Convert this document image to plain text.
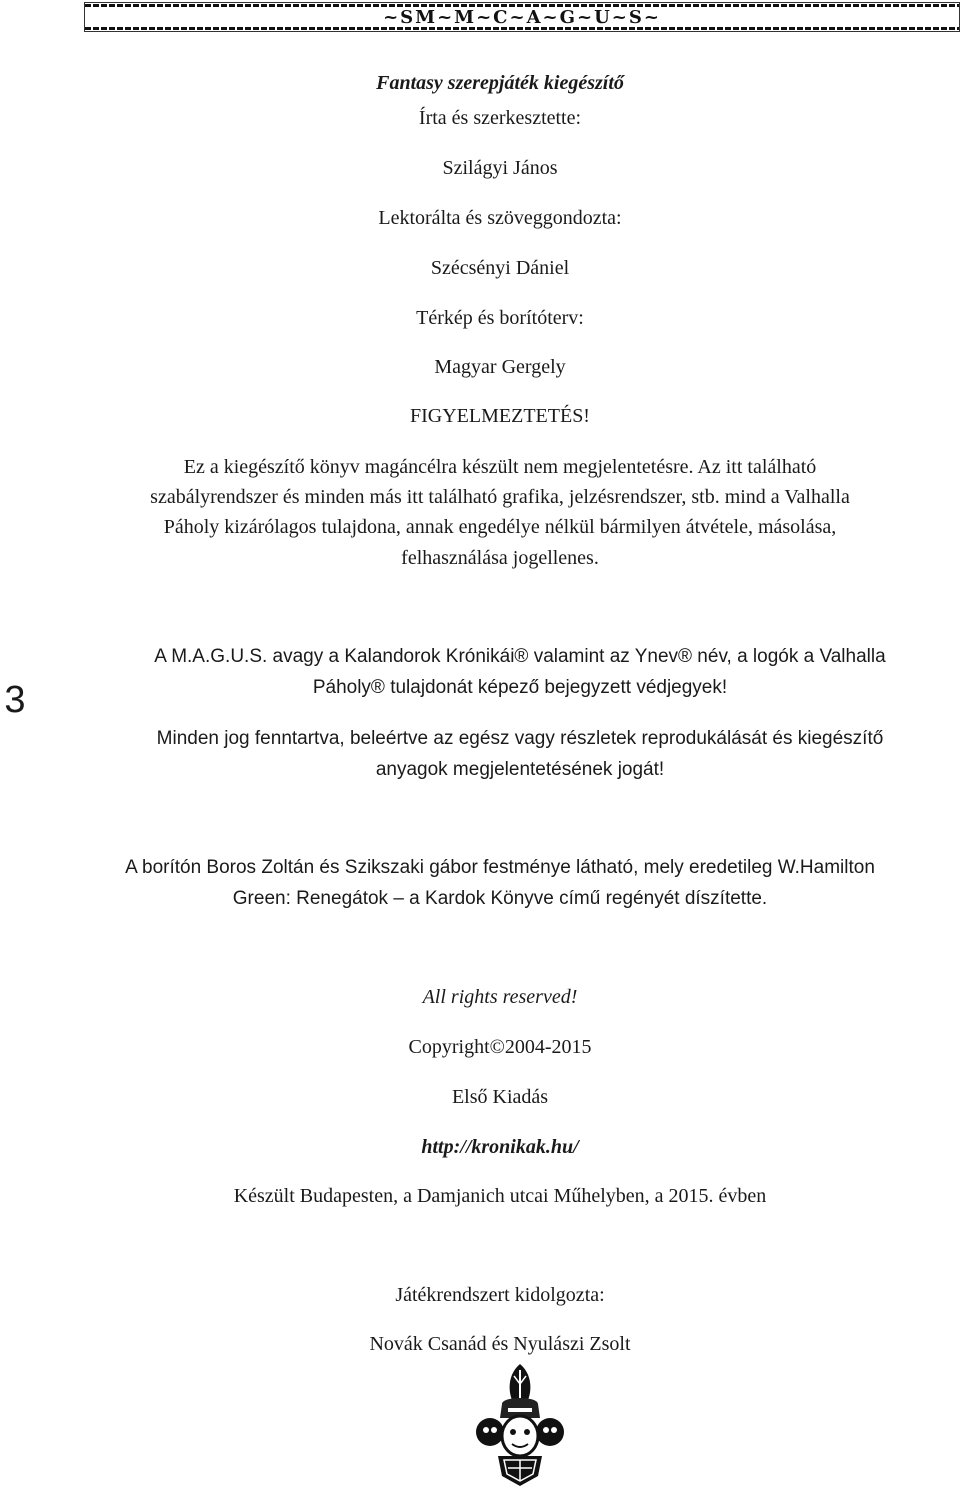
~SM~M~C~A~G~U~S~

Fantasy szerepjáték kiegészítő

Írta és szerkesztette:

Szilágyi János

Lektorálta és szöveggondozta:

Szécsényi Dániel

Térkép és borítóterv:

Magyar Gergely

FIGYELMEZTETÉS!

Ez a kiegészítő könyv magáncélra készült nem megjelentetésre. Az itt található

szabályrendszer és minden más itt található grafika, jelzésrendszer, stb. mind a Valhalla

Páholy kizárólagos tulajdona, annak engedélye nélkül bármilyen átvétele, másolása,

felhasználása jogellenes.

3

A M.A.G.U.S. avagy a Kalandorok Krónikái® valamint az Ynev® név, a logók a Valhalla

Páholy® tulajdonát képező bejegyzett védjegyek!

Minden jog fenntartva, beleértve az egész vagy részletek reprodukálását és kiegészítő

anyagok megjelentetésének jogát!

A borítón Boros Zoltán és Szikszaki gábor festménye látható, mely eredetileg W.Hamilton

Green: Renegátok – a Kardok Könyve című regényét díszítette.

All rights reserved!

Copyright©2004-2015

Első Kiadás

http://kronikak.hu/

Készült Budapesten, a Damjanich utcai Műhelyben, a 2015. évben

Játékrendszert kidolgozta:

Novák Csanád és Nyulászi Zsolt
